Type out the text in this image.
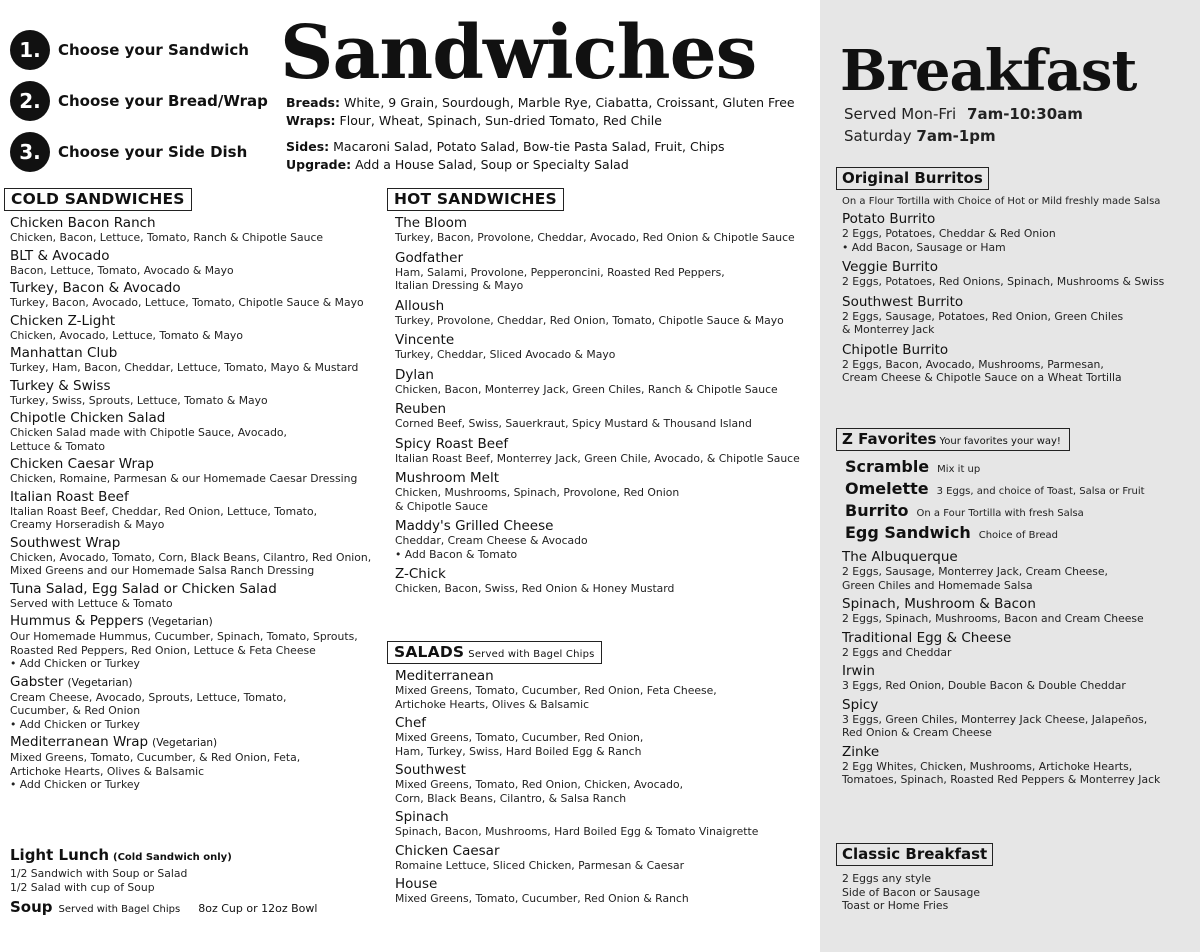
1.	Choose your Sandwich
2.	Choose your Bread/Wrap
3.	Choose your Side Dish
Sandwiches
Breads: White, 9 Grain, Sourdough, Marble Rye, Ciabatta, Croissant, Gluten Free
Wraps: Flour, Wheat, Spinach, Sun-dried Tomato, Red Chile
Sides: Macaroni Salad, Potato Salad, Bow-tie Pasta Salad, Fruit, Chips
Upgrade: Add a House Salad, Soup or Specialty Salad
COLD SANDWICHES
Chicken Bacon Ranch
Chicken, Bacon, Lettuce, Tomato, Ranch & Chipotle Sauce
BLT & Avocado
Bacon, Lettuce, Tomato, Avocado & Mayo
Turkey, Bacon & Avocado
Turkey, Bacon, Avocado, Lettuce, Tomato, Chipotle Sauce & Mayo
Chicken Z-Light
Chicken, Avocado, Lettuce, Tomato & Mayo
Manhattan Club
Turkey, Ham, Bacon, Cheddar, Lettuce, Tomato, Mayo & Mustard
Turkey & Swiss
Turkey, Swiss, Sprouts, Lettuce, Tomato & Mayo
Chipotle Chicken Salad
Chicken Salad made with Chipotle Sauce, Avocado,
Lettuce & Tomato
Chicken Caesar Wrap
Chicken, Romaine, Parmesan & our Homemade Caesar Dressing
Italian Roast Beef
Italian Roast Beef, Cheddar, Red Onion, Lettuce, Tomato,
Creamy Horseradish & Mayo
Southwest Wrap
Chicken, Avocado, Tomato, Corn, Black Beans, Cilantro, Red Onion,
Mixed Greens and our Homemade Salsa Ranch Dressing
Tuna Salad, Egg Salad or Chicken Salad
Served with Lettuce & Tomato
Hummus & Peppers (Vegetarian)
Our Homemade Hummus, Cucumber, Spinach, Tomato, Sprouts,
Roasted Red Peppers, Red Onion, Lettuce & Feta Cheese
• Add Chicken or Turkey
Gabster (Vegetarian)
Cream Cheese, Avocado, Sprouts, Lettuce, Tomato,
Cucumber, & Red Onion
• Add Chicken or Turkey
Mediterranean Wrap (Vegetarian)
Mixed Greens, Tomato, Cucumber, & Red Onion, Feta,
Artichoke Hearts, Olives & Balsamic
• Add Chicken or Turkey
Light Lunch (Cold Sandwich only)
1/2 Sandwich with Soup or Salad
1/2 Salad with cup of Soup
Soup Served with Bagel Chips 8oz Cup or 12oz Bowl
HOT SANDWICHES
The Bloom
Turkey, Bacon, Provolone, Cheddar, Avocado, Red Onion & Chipotle Sauce
Godfather
Ham, Salami, Provolone, Pepperoncini, Roasted Red Peppers,
Italian Dressing & Mayo
Alloush
Turkey, Provolone, Cheddar, Red Onion, Tomato, Chipotle Sauce & Mayo
Vincente
Turkey, Cheddar, Sliced Avocado & Mayo
Dylan
Chicken, Bacon, Monterrey Jack, Green Chiles, Ranch & Chipotle Sauce
Reuben
Corned Beef, Swiss, Sauerkraut, Spicy Mustard & Thousand Island
Spicy Roast Beef
Italian Roast Beef, Monterrey Jack, Green Chile, Avocado, & Chipotle Sauce
Mushroom Melt
Chicken, Mushrooms, Spinach, Provolone, Red Onion
& Chipotle Sauce
Maddy's Grilled Cheese
Cheddar, Cream Cheese & Avocado
• Add Bacon & Tomato
Z-Chick
Chicken, Bacon, Swiss, Red Onion & Honey Mustard
SALADS Served with Bagel Chips
Mediterranean
Mixed Greens, Tomato, Cucumber, Red Onion, Feta Cheese,
Artichoke Hearts, Olives & Balsamic
Chef
Mixed Greens, Tomato, Cucumber, Red Onion,
Ham, Turkey, Swiss, Hard Boiled Egg & Ranch
Southwest
Mixed Greens, Tomato, Red Onion, Chicken, Avocado,
Corn, Black Beans, Cilantro, & Salsa Ranch
Spinach
Spinach, Bacon, Mushrooms, Hard Boiled Egg & Tomato Vinaigrette
Chicken Caesar
Romaine Lettuce, Sliced Chicken, Parmesan & Caesar
House
Mixed Greens, Tomato, Cucumber, Red Onion & Ranch
Breakfast
Served Mon-Fri 7am-10:30am
Saturday 7am-1pm
Original Burritos
On a Flour Tortilla with Choice of Hot or Mild freshly made Salsa
Potato Burrito
2 Eggs, Potatoes, Cheddar & Red Onion
• Add Bacon, Sausage or Ham
Veggie Burrito
2 Eggs, Potatoes, Red Onions, Spinach, Mushrooms & Swiss
Southwest Burrito
2 Eggs, Sausage, Potatoes, Red Onion, Green Chiles
& Monterrey Jack
Chipotle Burrito
2 Eggs, Bacon, Avocado, Mushrooms, Parmesan,
Cream Cheese & Chipotle Sauce on a Wheat Tortilla
Z Favorites Your favorites your way!
Scramble Mix it up
Omelette 3 Eggs, and choice of Toast, Salsa or Fruit
Burrito On a Four Tortilla with fresh Salsa
Egg Sandwich Choice of Bread
The Albuquerque
2 Eggs, Sausage, Monterrey Jack, Cream Cheese,
Green Chiles and Homemade Salsa
Spinach, Mushroom & Bacon
2 Eggs, Spinach, Mushrooms, Bacon and Cream Cheese
Traditional Egg & Cheese
2 Eggs and Cheddar
Irwin
3 Eggs, Red Onion, Double Bacon & Double Cheddar
Spicy
3 Eggs, Green Chiles, Monterrey Jack Cheese, Jalapeños,
Red Onion & Cream Cheese
Zinke
2 Egg Whites, Chicken, Mushrooms, Artichoke Hearts,
Tomatoes, Spinach, Roasted Red Peppers & Monterrey Jack
Classic Breakfast
2 Eggs any style
Side of Bacon or Sausage
Toast or Home Fries
